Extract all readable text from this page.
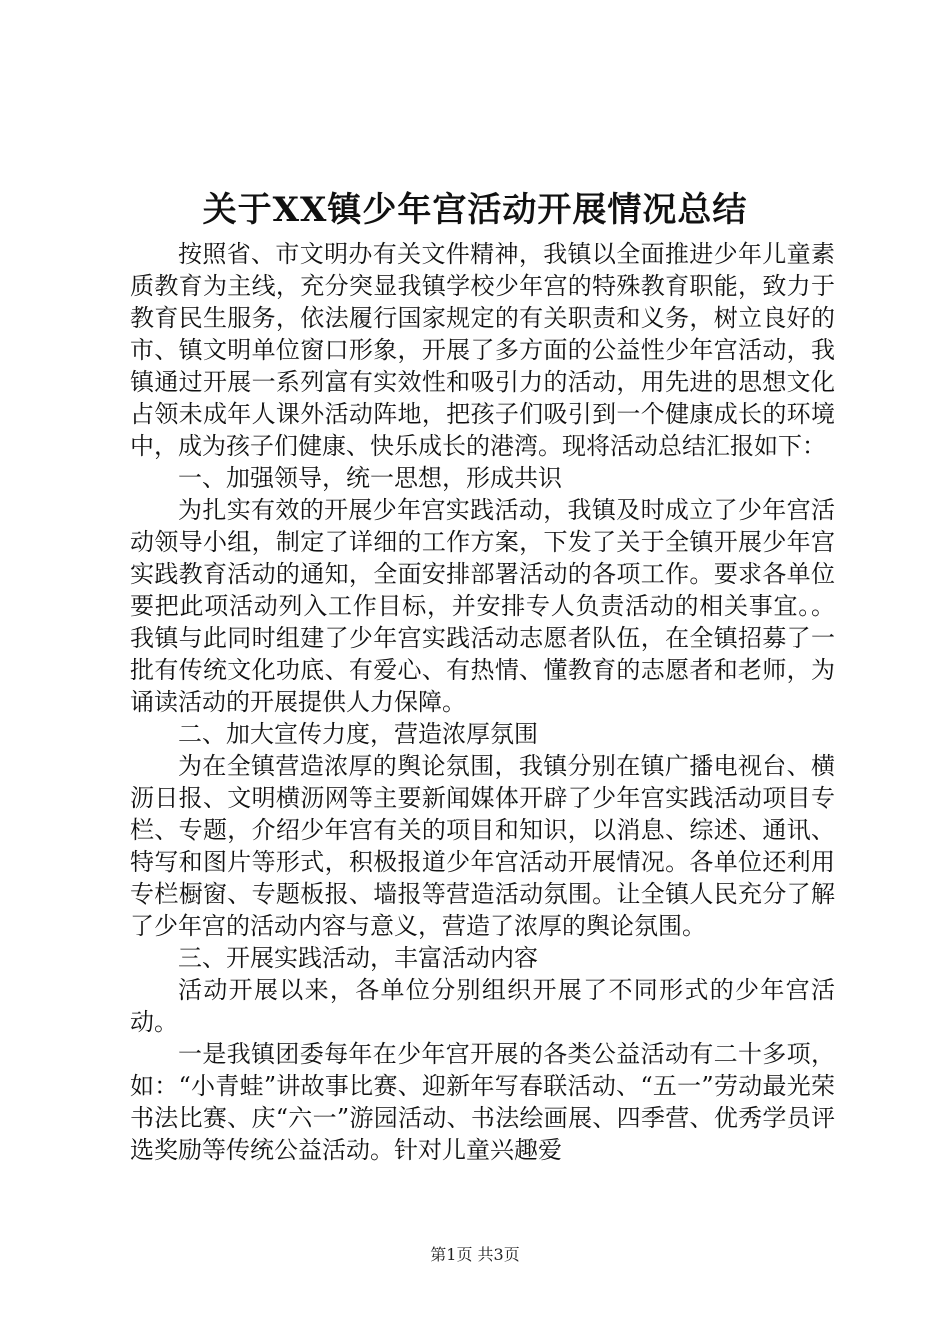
关于XX镇少年宫活动开展情况总结

按照省、市文明办有关文件精神，我镇以全面推进少年儿童素质教育为主线，充分突显我镇学校少年宫的特殊教育职能，致力于教育民生服务，依法履行国家规定的有关职责和义务，树立良好的市、镇文明单位窗口形象，开展了多方面的公益性少年宫活动，我镇通过开展一系列富有实效性和吸引力的活动，用先进的思想文化占领未成年人课外活动阵地，把孩子们吸引到一个健康成长的环境中，成为孩子们健康、快乐成长的港湾。现将活动总结汇报如下：

一、加强领导，统一思想，形成共识

为扎实有效的开展少年宫实践活动，我镇及时成立了少年宫活动领导小组，制定了详细的工作方案，下发了关于全镇开展少年宫实践教育活动的通知，全面安排部署活动的各项工作。要求各单位要把此项活动列入工作目标，并安排专人负责活动的相关事宜。。我镇与此同时组建了少年宫实践活动志愿者队伍，在全镇招募了一批有传统文化功底、有爱心、有热情、懂教育的志愿者和老师，为诵读活动的开展提供人力保障。

二、加大宣传力度，营造浓厚氛围

为在全镇营造浓厚的舆论氛围，我镇分别在镇广播电视台、横沥日报、文明横沥网等主要新闻媒体开辟了少年宫实践活动项目专栏、专题，介绍少年宫有关的项目和知识，以消息、综述、通讯、特写和图片等形式，积极报道少年宫活动开展情况。各单位还利用专栏橱窗、专题板报、墙报等营造活动氛围。让全镇人民充分了解了少年宫的活动内容与意义，营造了浓厚的舆论氛围。

三、开展实践活动，丰富活动内容

活动开展以来，各单位分别组织开展了不同形式的少年宫活动。

一是我镇团委每年在少年宫开展的各类公益活动有二十多项，如：“小青蛙”讲故事比赛、迎新年写春联活动、“五一”劳动最光荣书法比赛、庆“六一”游园活动、书法绘画展、四季营、优秀学员评选奖励等传统公益活动。针对儿童兴趣爱

第1页 共3页
